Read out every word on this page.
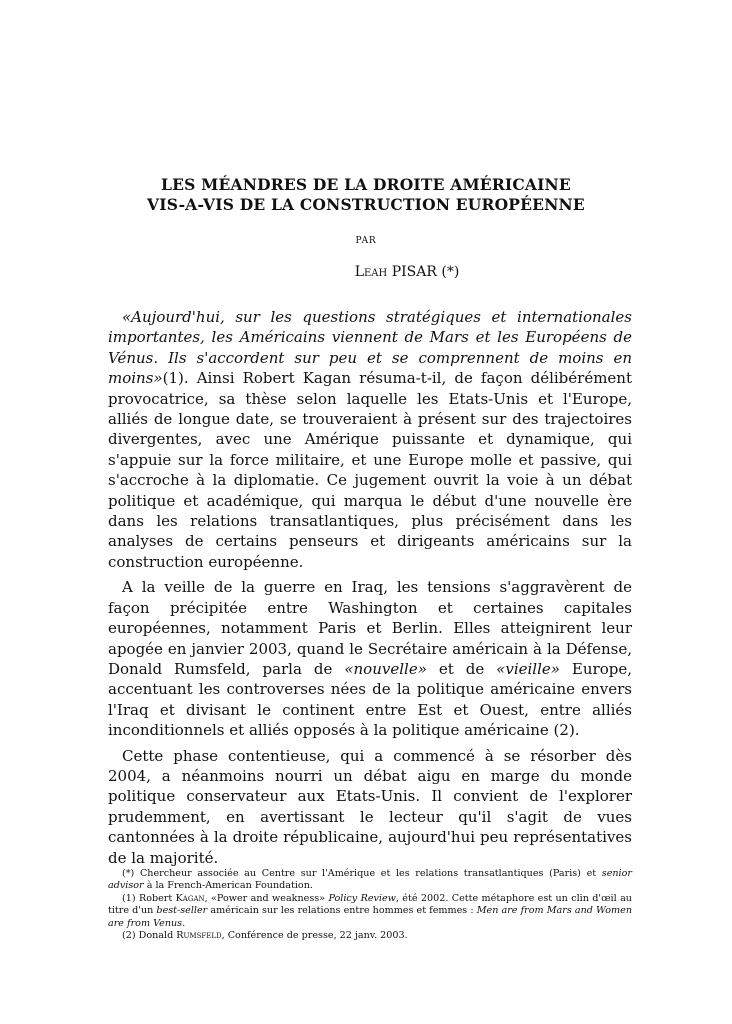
LES MÉANDRES DE LA DROITE AMÉRICAINE
VIS-A-VIS DE LA CONSTRUCTION EUROPÉENNE
PAR
Leah PISAR (*)

«Aujourd'hui, sur les questions stratégiques et internationales importantes, les Américains viennent de Mars et les Européens de Vénus. Ils s'accordent sur peu et se comprennent de moins en moins»(1). Ainsi Robert Kagan résuma-t-il, de façon délibérément provocatrice, sa thèse selon laquelle les Etats-Unis et l'Europe, alliés de longue date, se trouveraient à présent sur des trajectoires divergentes, avec une Amérique puissante et dynamique, qui s'appuie sur la force militaire, et une Europe molle et passive, qui s'accroche à la diplomatie. Ce jugement ouvrit la voie à un débat politique et académique, qui marqua le début d'une nouvelle ère dans les relations transatlantiques, plus précisément dans les analyses de certains penseurs et dirigeants américains sur la construction européenne.

A la veille de la guerre en Iraq, les tensions s'aggravèrent de façon précipitée entre Washington et certaines capitales européennes, notamment Paris et Berlin. Elles atteignirent leur apogée en janvier 2003, quand le Secrétaire américain à la Défense, Donald Rumsfeld, parla de «nouvelle» et de «vieille» Europe, accentuant les controverses nées de la politique américaine envers l'Iraq et divisant le continent entre Est et Ouest, entre alliés inconditionnels et alliés opposés à la politique américaine (2).

Cette phase contentieuse, qui a commencé à se résorber dès 2004, a néanmoins nourri un débat aigu en marge du monde politique conservateur aux Etats-Unis. Il convient de l'explorer prudemment, en avertissant le lecteur qu'il s'agit de vues cantonnées à la droite républicaine, aujourd'hui peu représentatives de la majorité.

(*) Chercheur associée au Centre sur l'Amérique et les relations transatlantiques (Paris) et senior advisor à la French-American Foundation.

(1) Robert Kagan, «Power and weakness» Policy Review, été 2002. Cette métaphore est un clin d'œil au titre d'un best-seller américain sur les relations entre hommes et femmes : Men are from Mars and Women are from Venus.

(2) Donald Rumsfeld, Conférence de presse, 22 janv. 2003.
